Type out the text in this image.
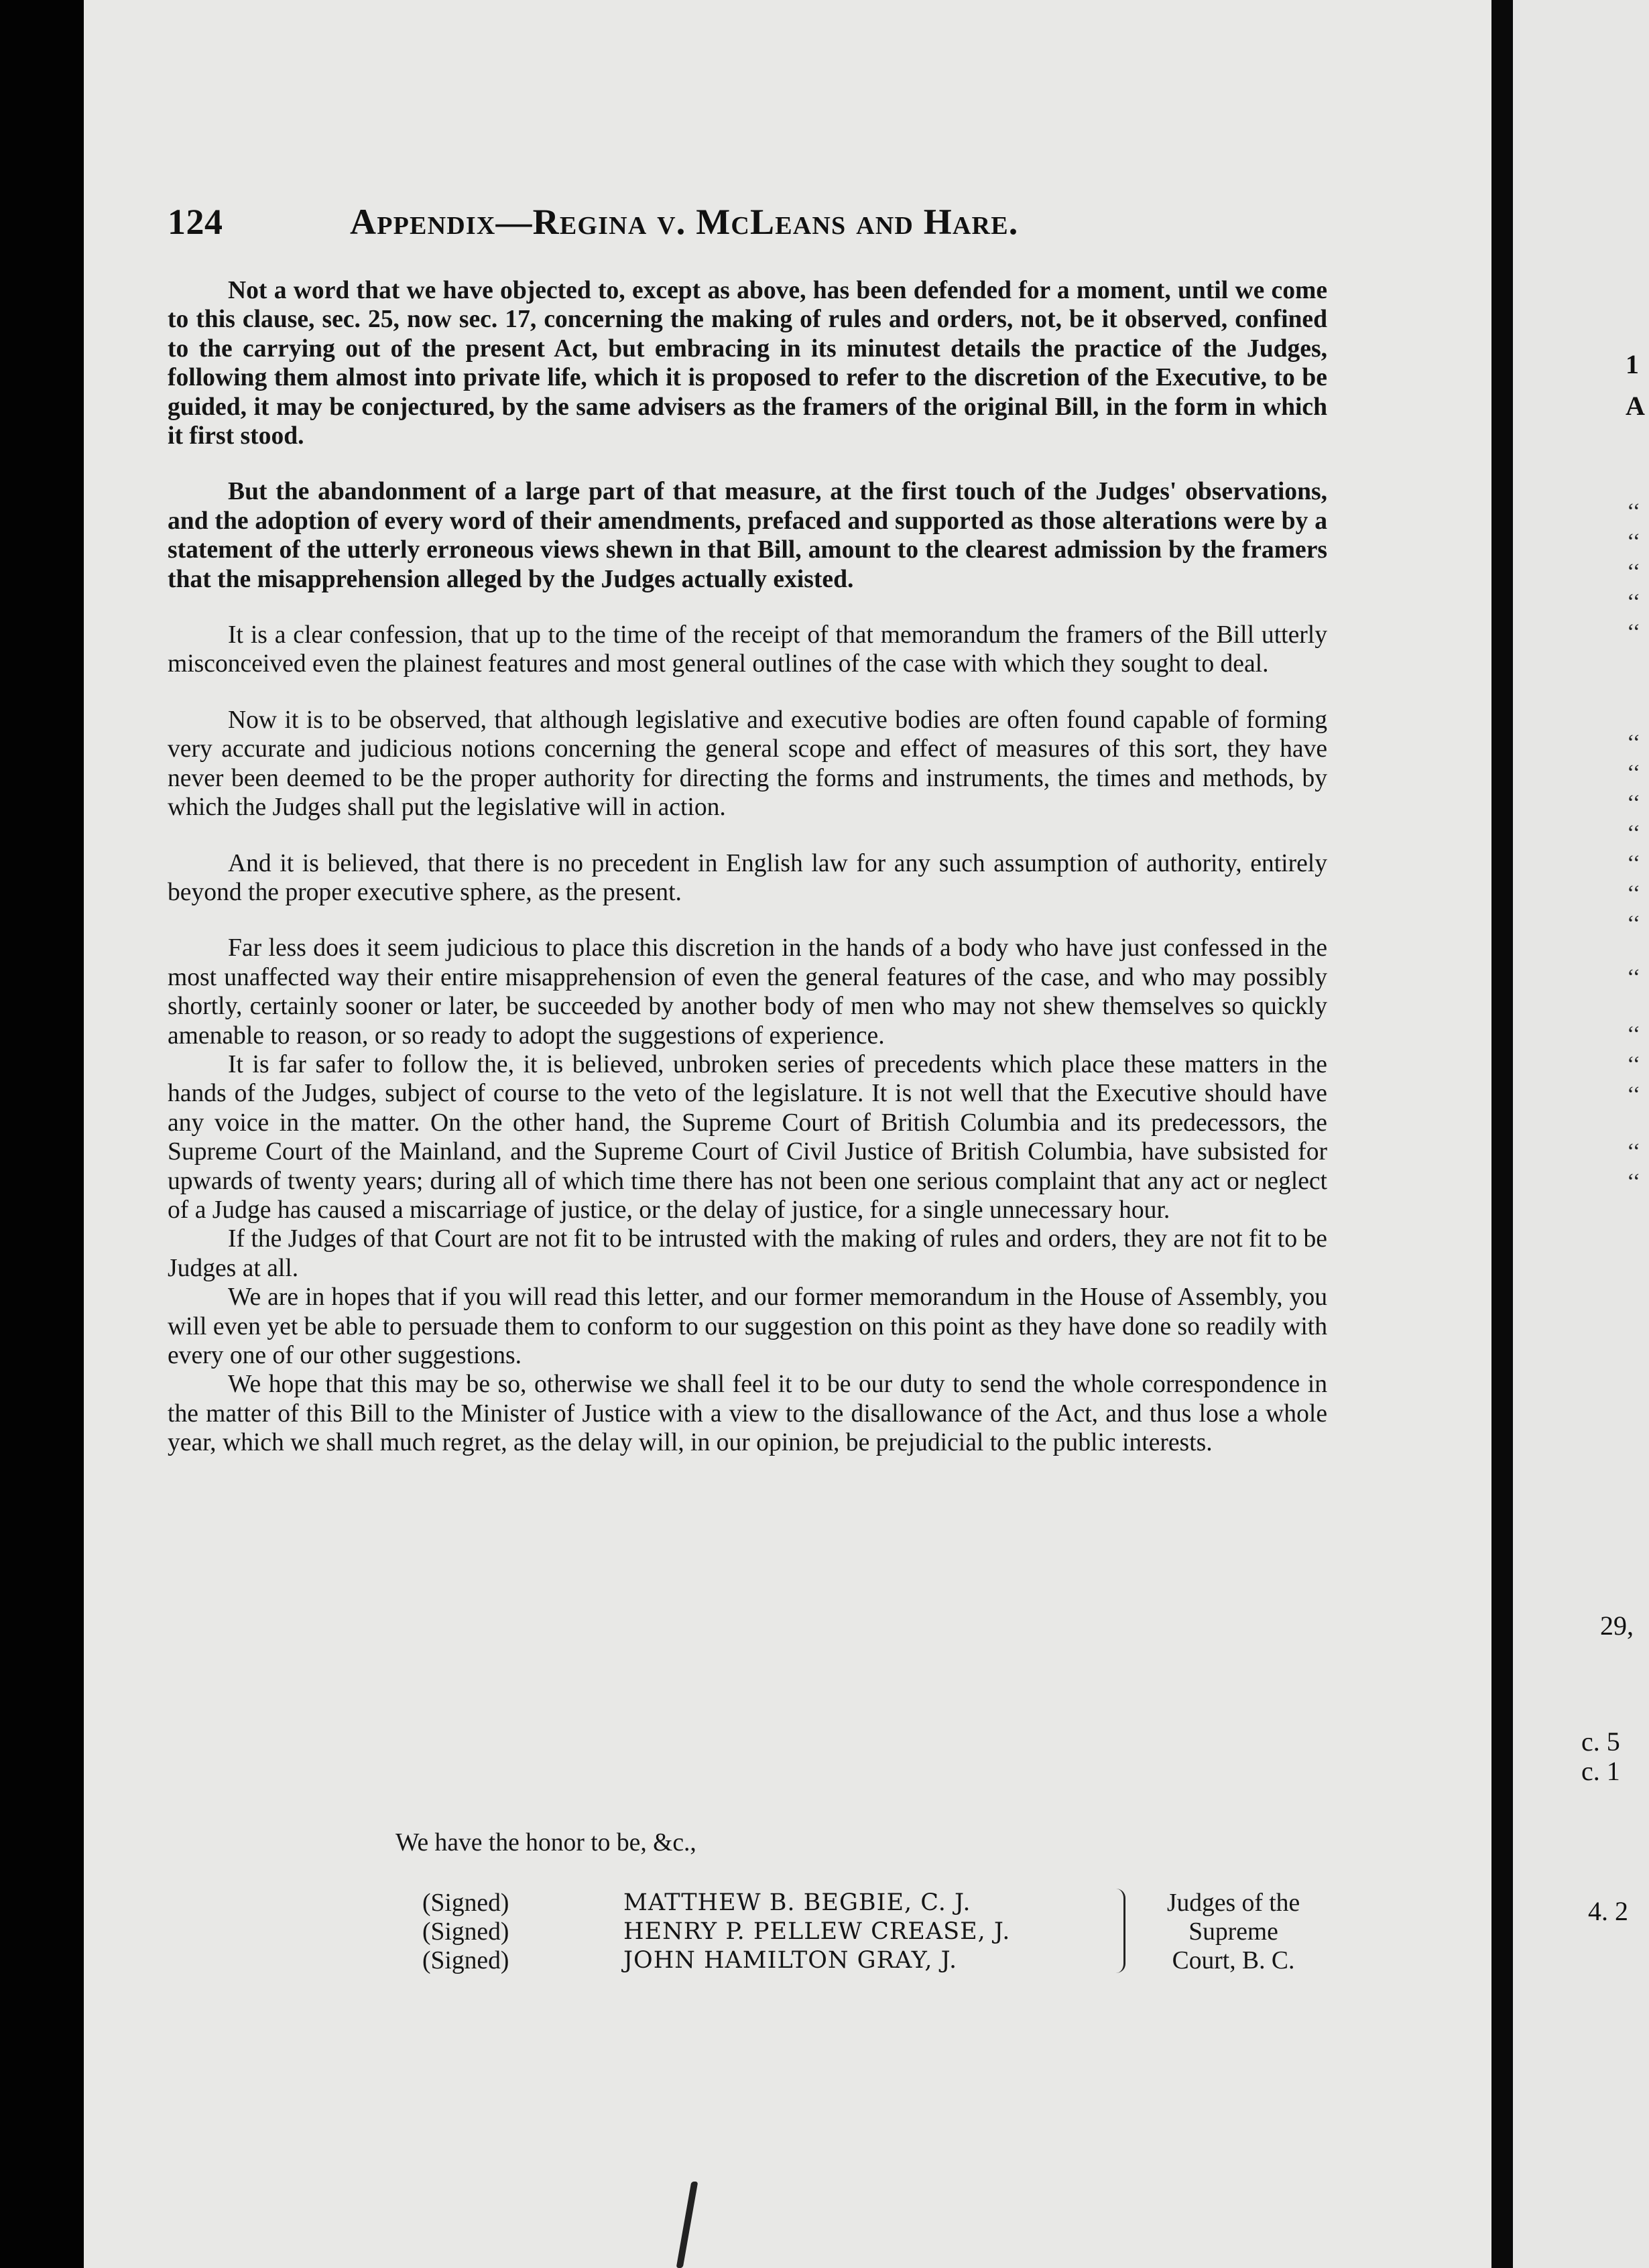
124	Appendix—Regina v. McLeans and Hare.

Not a word that we have objected to, except as above, has been defended for a moment, until we come to this clause, sec. 25, now sec. 17, concerning the making of rules and orders, not, be it observed, confined to the carrying out of the present Act, but embracing in its minutest details the practice of the Judges, following them almost into private life, which it is proposed to refer to the discretion of the Executive, to be guided, it may be conjectured, by the same advisers as the framers of the original Bill, in the form in which it first stood.

But the abandonment of a large part of that measure, at the first touch of the Judges' observations, and the adoption of every word of their amendments, prefaced and supported as those alterations were by a statement of the utterly erroneous views shewn in that Bill, amount to the clearest admission by the framers that the misapprehension alleged by the Judges actually existed.

It is a clear confession, that up to the time of the receipt of that memorandum the framers of the Bill utterly misconceived even the plainest features and most general outlines of the case with which they sought to deal.

Now it is to be observed, that although legislative and executive bodies are often found capable of forming very accurate and judicious notions concerning the general scope and effect of measures of this sort, they have never been deemed to be the proper authority for directing the forms and instruments, the times and methods, by which the Judges shall put the legislative will in action.

And it is believed, that there is no precedent in English law for any such assumption of authority, entirely beyond the proper executive sphere, as the present.

Far less does it seem judicious to place this discretion in the hands of a body who have just confessed in the most unaffected way their entire misapprehension of even the general features of the case, and who may possibly shortly, certainly sooner or later, be succeeded by another body of men who may not shew themselves so quickly amenable to reason, or so ready to adopt the suggestions of experience.

It is far safer to follow the, it is believed, unbroken series of precedents which place these matters in the hands of the Judges, subject of course to the veto of the legislature. It is not well that the Executive should have any voice in the matter. On the other hand, the Supreme Court of British Columbia and its predecessors, the Supreme Court of the Mainland, and the Supreme Court of Civil Justice of British Columbia, have subsisted for upwards of twenty years; during all of which time there has not been one serious complaint that any act or neglect of a Judge has caused a miscarriage of justice, or the delay of justice, for a single unnecessary hour.

If the Judges of that Court are not fit to be intrusted with the making of rules and orders, they are not fit to be Judges at all.

We are in hopes that if you will read this letter, and our former memorandum in the House of Assembly, you will even yet be able to persuade them to conform to our suggestion on this point as they have done so readily with every one of our other suggestions.

We hope that this may be so, otherwise we shall feel it to be our duty to send the whole correspondence in the matter of this Bill to the Minister of Justice with a view to the disallowance of the Act, and thus lose a whole year, which we shall much regret, as the delay will, in our opinion, be prejudicial to the public interests.

We have the honor to be, &c.,
(Signed)	MATTHEW B. BEGBIE, C. J.
(Signed)	HENRY P. PELLEW CREASE, J.
(Signed)	JOHN HAMILTON GRAY, J.
Judges of the
Supreme
Court, B. C.
1
A
‘‘
‘‘
‘‘
‘‘
‘‘
‘‘
‘‘
‘‘
‘‘
‘‘
‘‘
‘‘
‘‘
‘‘
‘‘
‘‘
‘‘
‘‘
29,
c. 5
c. 1
4. 2
